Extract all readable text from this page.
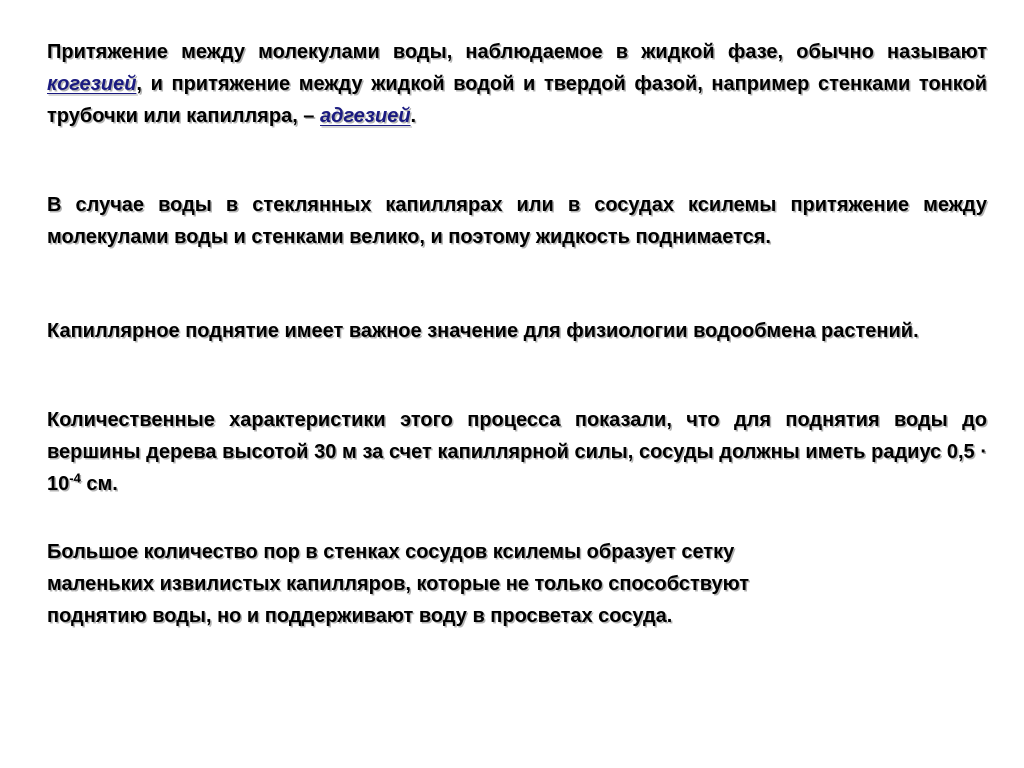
Притяжение между молекулами воды, наблюдаемое в жидкой фазе, обычно называют когезией, и притяжение между жидкой водой и твердой фазой, например стенками тонкой трубочки или капилляра, – адгезией.

В случае воды в стеклянных капиллярах или в сосудах ксилемы притяжение между молекулами воды и стенками велико, и поэтому жидкость поднимается.

Капиллярное поднятие имеет важное значение для физиологии водообмена растений.

Количественные характеристики этого процесса показали, что для поднятия воды до вершины дерева высотой 30 м за счет капиллярной силы, сосуды должны иметь радиус $0,5 \cdot 10^{-4}$ см.

Большое количество пор в стенках сосудов ксилемы образует сетку
маленьких извилистых капилляров, которые не только способствуют
поднятию воды, но и поддерживают воду в просветах сосуда.
